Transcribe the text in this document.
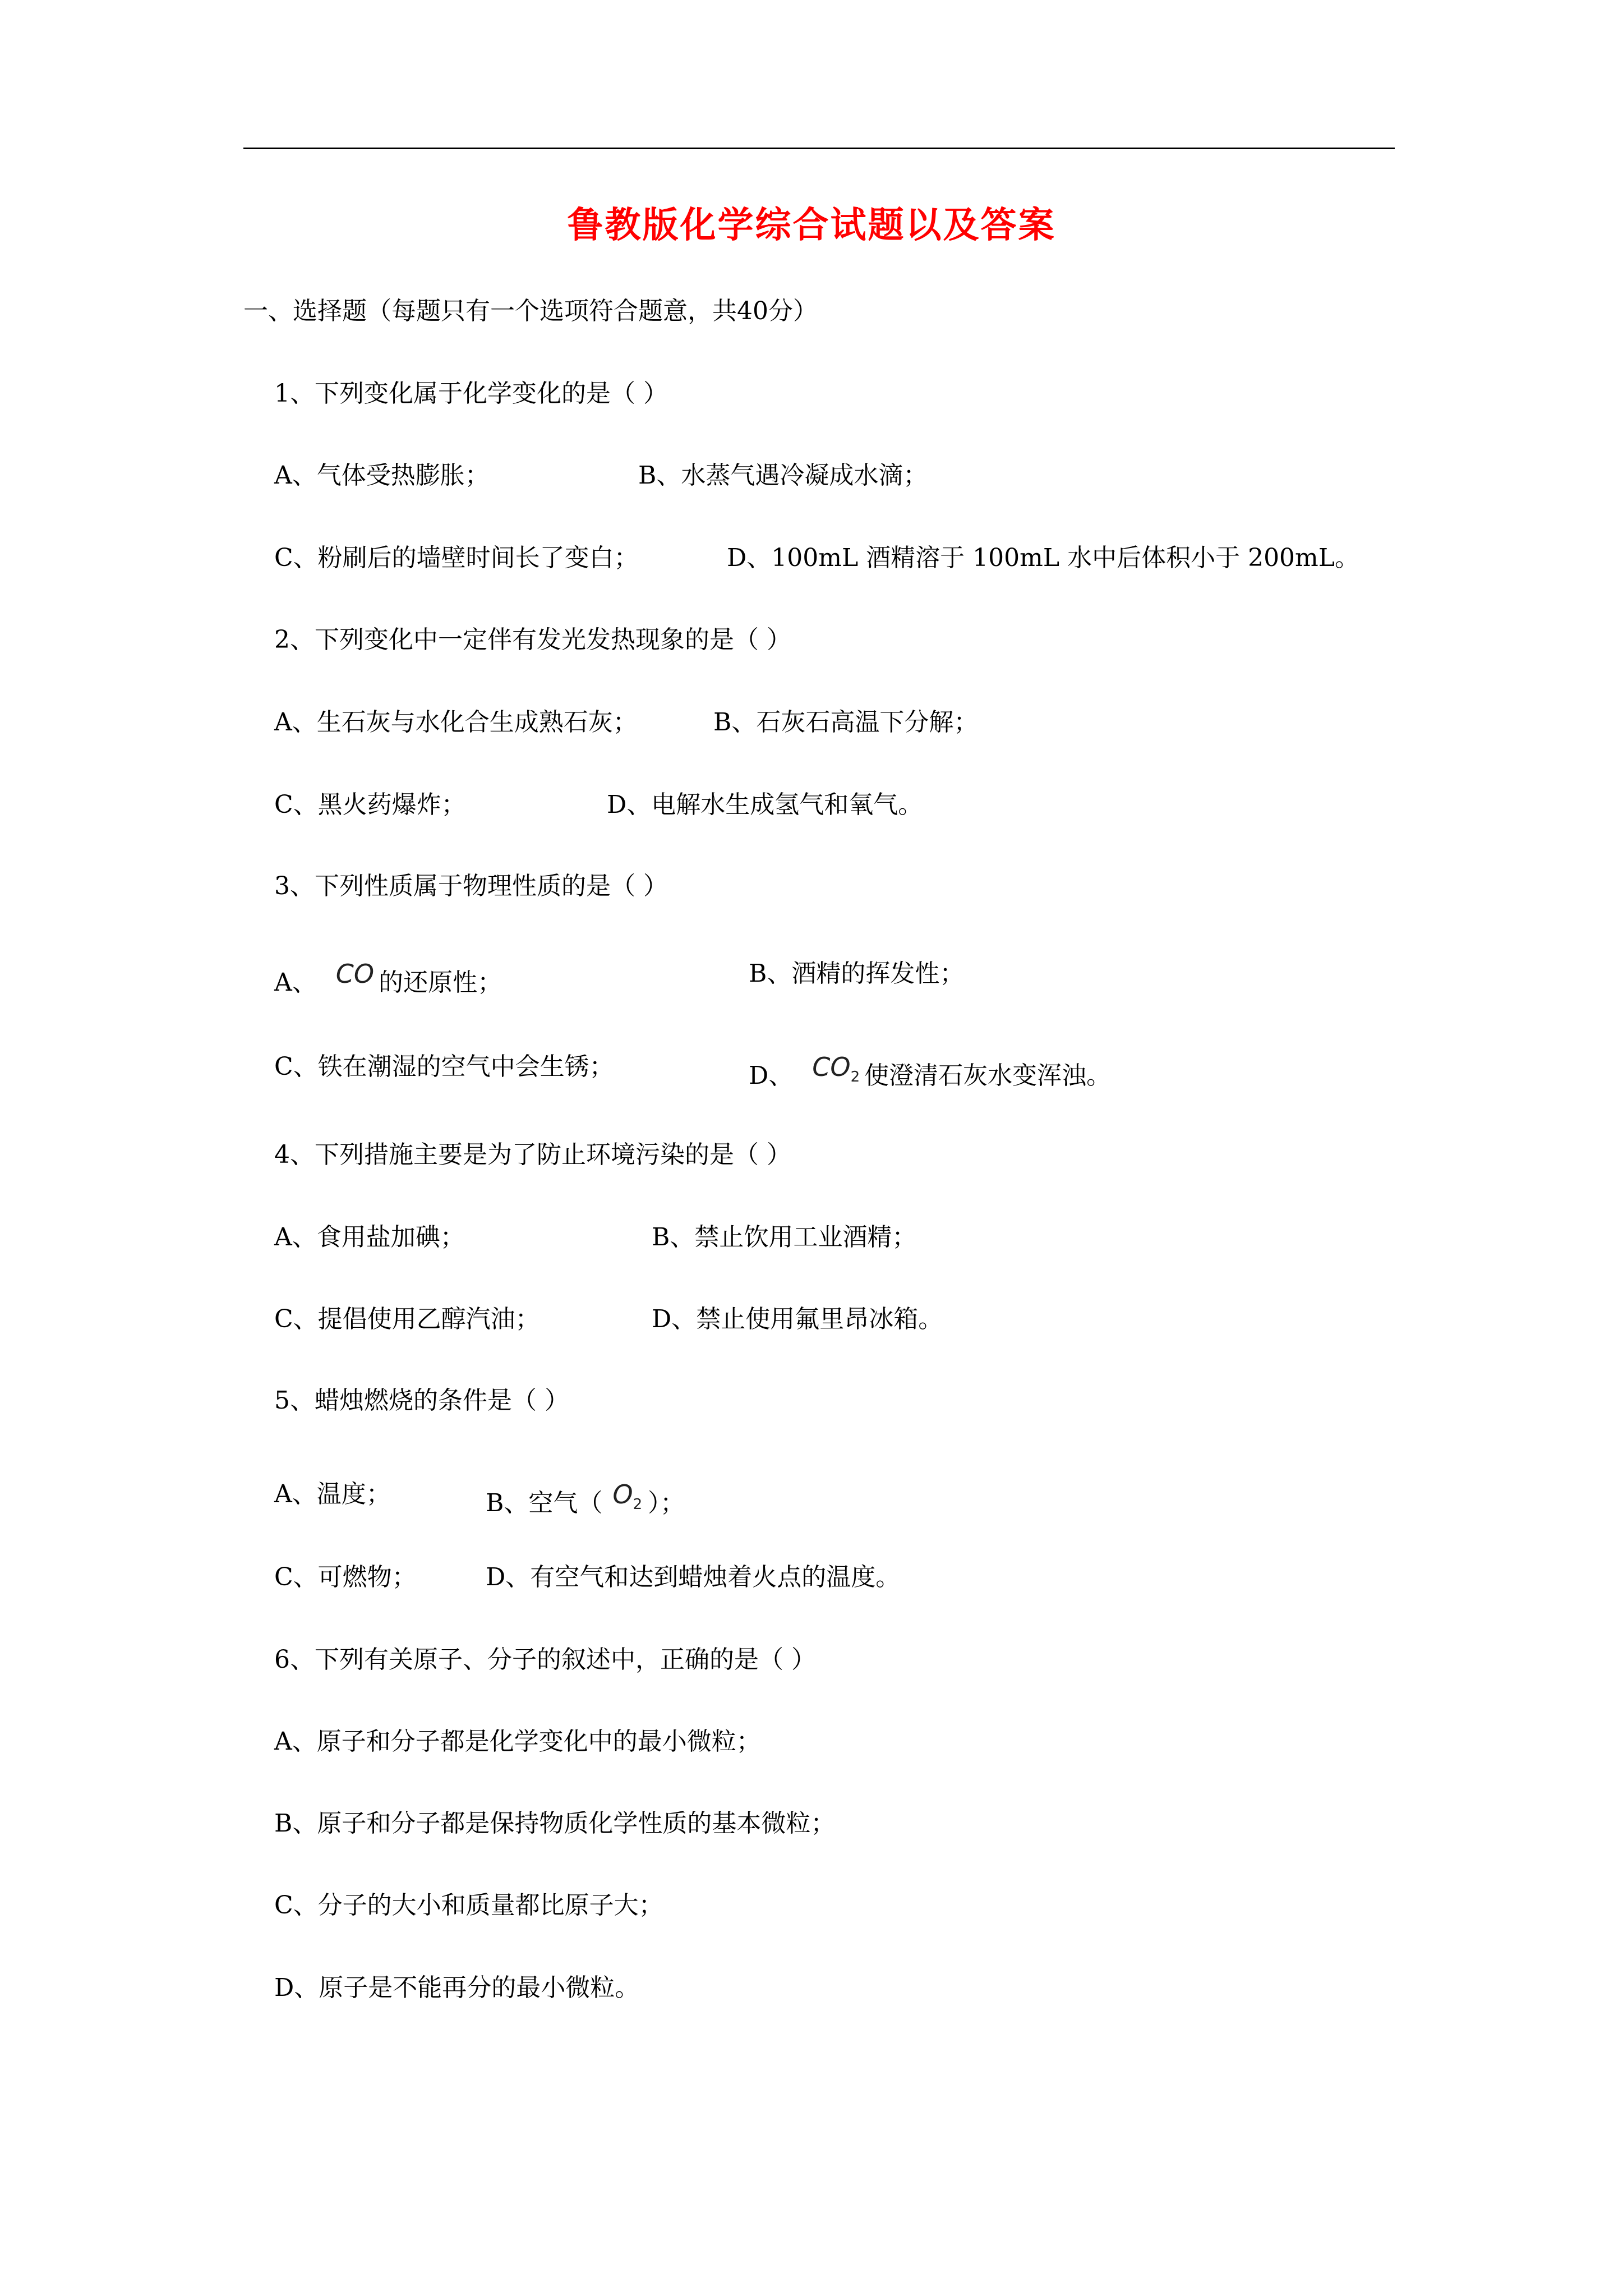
鲁教版化学综合试题以及答案
一、选择题（每题只有一个选项符合题意，共40分）
1、下列变化属于化学变化的是（ ）
A、气体受热膨胀；	B、水蒸气遇冷凝成水滴；
C、粉刷后的墙壁时间长了变白；	D、100mL 酒精溶于 100mL 水中后体积小于 200mL。
2、下列变化中一定伴有发光发热现象的是（ ）
A、生石灰与水化合生成熟石灰；	B、石灰石高温下分解；
C、黑火药爆炸；	D、电解水生成氢气和氧气。
3、下列性质属于物理性质的是（ ）
A、 CO 的还原性；	B、酒精的挥发性；
C、铁在潮湿的空气中会生锈；	D、 $CO_2$ 使澄清石灰水变浑浊。
4、下列措施主要是为了防止环境污染的是（ ）
A、食用盐加碘；	B、禁止饮用工业酒精；
C、提倡使用乙醇汽油；	D、禁止使用氟里昂冰箱。
5、蜡烛燃烧的条件是（ ）
A、温度；	B、空气（ $O_2$ ）；
C、可燃物；	D、有空气和达到蜡烛着火点的温度。
6、下列有关原子、分子的叙述中，正确的是（ ）
A、原子和分子都是化学变化中的最小微粒；
B、原子和分子都是保持物质化学性质的基本微粒；
C、分子的大小和质量都比原子大；
D、原子是不能再分的最小微粒。
